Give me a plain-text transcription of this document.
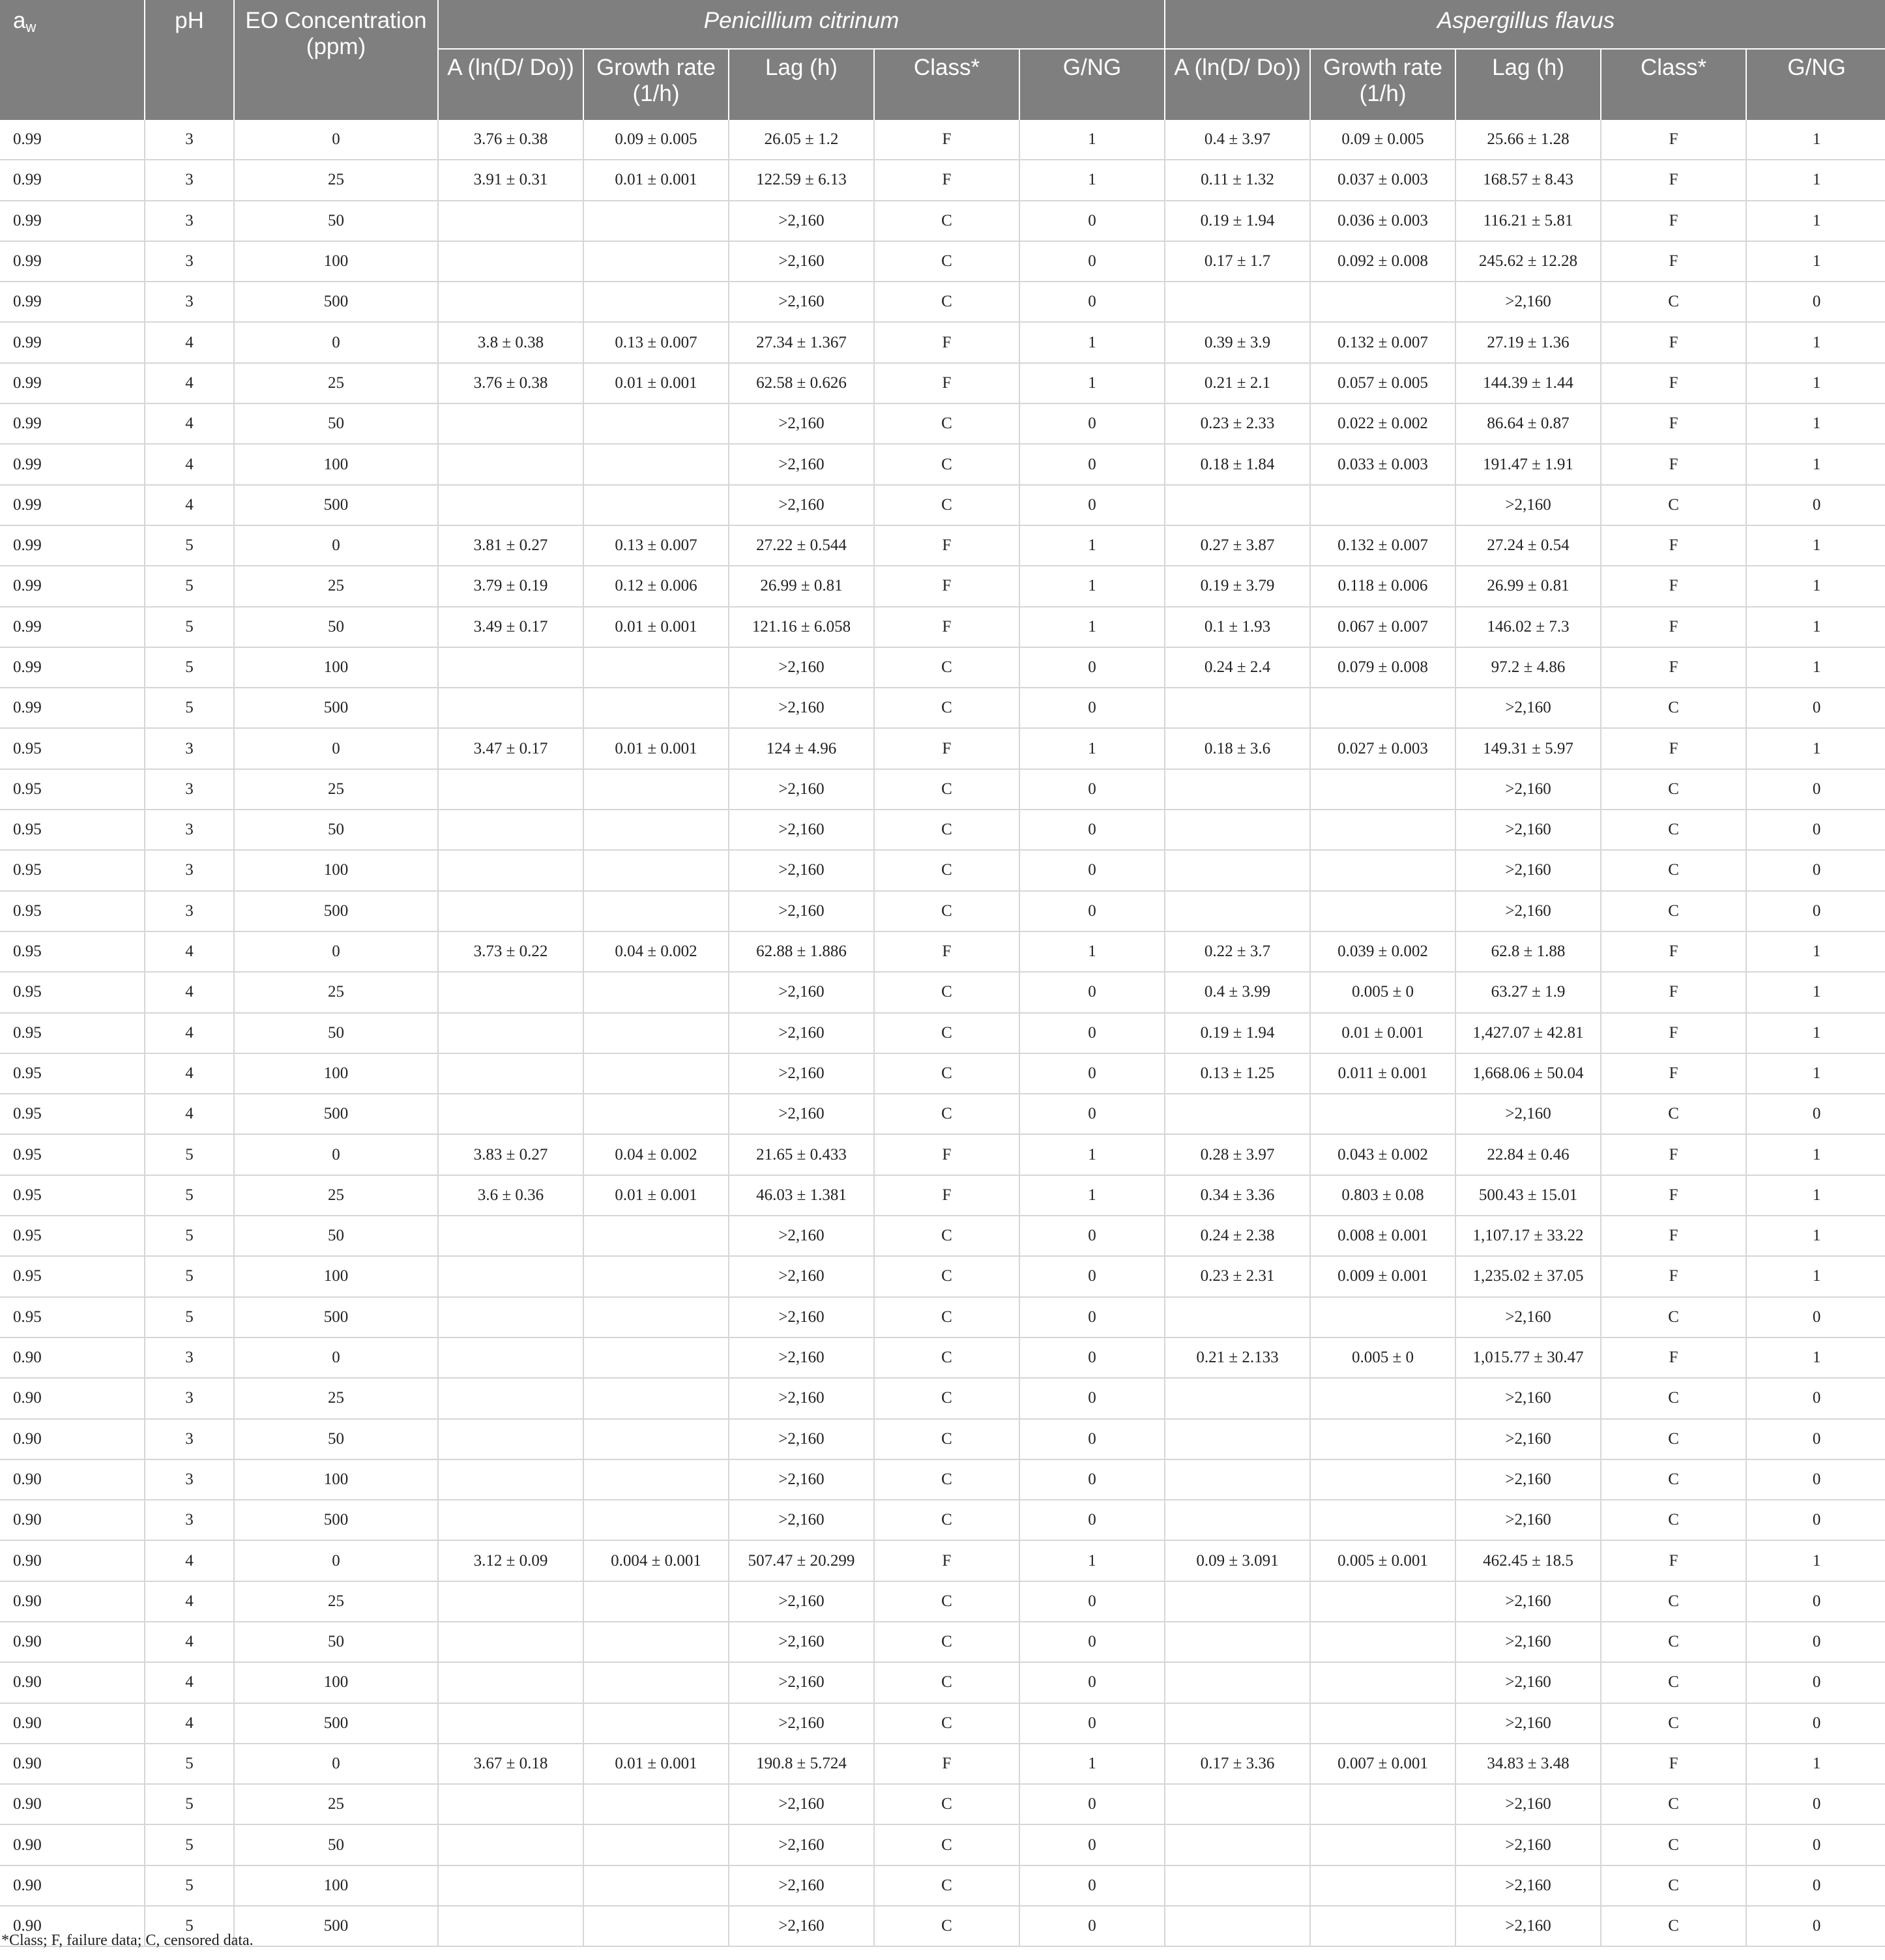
$a_w$	pH	EO Concentration (ppm)	Penicillium citrinum					Aspergillus flavus				
			A (ln(D/ Do))	Growth rate (1/h)	Lag (h)	Class*	G/NG	A (ln(D/ Do))	Growth rate (1/h)	Lag (h)	Class*	G/NG
0.99	3	0	3.76 ± 0.38	0.09 ± 0.005	26.05 ± 1.2	F	1	0.4 ± 3.97	0.09 ± 0.005	25.66 ± 1.28	F	1
0.99	3	25	3.91 ± 0.31	0.01 ± 0.001	122.59 ± 6.13	F	1	0.11 ± 1.32	0.037 ± 0.003	168.57 ± 8.43	F	1
0.99	3	50			>2,160	C	0	0.19 ± 1.94	0.036 ± 0.003	116.21 ± 5.81	F	1
0.99	3	100			>2,160	C	0	0.17 ± 1.7	0.092 ± 0.008	245.62 ± 12.28	F	1
0.99	3	500			>2,160	C	0			>2,160	C	0
0.99	4	0	3.8 ± 0.38	0.13 ± 0.007	27.34 ± 1.367	F	1	0.39 ± 3.9	0.132 ± 0.007	27.19 ± 1.36	F	1
0.99	4	25	3.76 ± 0.38	0.01 ± 0.001	62.58 ± 0.626	F	1	0.21 ± 2.1	0.057 ± 0.005	144.39 ± 1.44	F	1
0.99	4	50			>2,160	C	0	0.23 ± 2.33	0.022 ± 0.002	86.64 ± 0.87	F	1
0.99	4	100			>2,160	C	0	0.18 ± 1.84	0.033 ± 0.003	191.47 ± 1.91	F	1
0.99	4	500			>2,160	C	0			>2,160	C	0
0.99	5	0	3.81 ± 0.27	0.13 ± 0.007	27.22 ± 0.544	F	1	0.27 ± 3.87	0.132 ± 0.007	27.24 ± 0.54	F	1
0.99	5	25	3.79 ± 0.19	0.12 ± 0.006	26.99 ± 0.81	F	1	0.19 ± 3.79	0.118 ± 0.006	26.99 ± 0.81	F	1
0.99	5	50	3.49 ± 0.17	0.01 ± 0.001	121.16 ± 6.058	F	1	0.1 ± 1.93	0.067 ± 0.007	146.02 ± 7.3	F	1
0.99	5	100			>2,160	C	0	0.24 ± 2.4	0.079 ± 0.008	97.2 ± 4.86	F	1
0.99	5	500			>2,160	C	0			>2,160	C	0
0.95	3	0	3.47 ± 0.17	0.01 ± 0.001	124 ± 4.96	F	1	0.18 ± 3.6	0.027 ± 0.003	149.31 ± 5.97	F	1
0.95	3	25			>2,160	C	0			>2,160	C	0
0.95	3	50			>2,160	C	0			>2,160	C	0
0.95	3	100			>2,160	C	0			>2,160	C	0
0.95	3	500			>2,160	C	0			>2,160	C	0
0.95	4	0	3.73 ± 0.22	0.04 ± 0.002	62.88 ± 1.886	F	1	0.22 ± 3.7	0.039 ± 0.002	62.8 ± 1.88	F	1
0.95	4	25			>2,160	C	0	0.4 ± 3.99	0.005 ± 0	63.27 ± 1.9	F	1
0.95	4	50			>2,160	C	0	0.19 ± 1.94	0.01 ± 0.001	1,427.07 ± 42.81	F	1
0.95	4	100			>2,160	C	0	0.13 ± 1.25	0.011 ± 0.001	1,668.06 ± 50.04	F	1
0.95	4	500			>2,160	C	0			>2,160	C	0
0.95	5	0	3.83 ± 0.27	0.04 ± 0.002	21.65 ± 0.433	F	1	0.28 ± 3.97	0.043 ± 0.002	22.84 ± 0.46	F	1
0.95	5	25	3.6 ± 0.36	0.01 ± 0.001	46.03 ± 1.381	F	1	0.34 ± 3.36	0.803 ± 0.08	500.43 ± 15.01	F	1
0.95	5	50			>2,160	C	0	0.24 ± 2.38	0.008 ± 0.001	1,107.17 ± 33.22	F	1
0.95	5	100			>2,160	C	0	0.23 ± 2.31	0.009 ± 0.001	1,235.02 ± 37.05	F	1
0.95	5	500			>2,160	C	0			>2,160	C	0
0.90	3	0			>2,160	C	0	0.21 ± 2.133	0.005 ± 0	1,015.77 ± 30.47	F	1
0.90	3	25			>2,160	C	0			>2,160	C	0
0.90	3	50			>2,160	C	0			>2,160	C	0
0.90	3	100			>2,160	C	0			>2,160	C	0
0.90	3	500			>2,160	C	0			>2,160	C	0
0.90	4	0	3.12 ± 0.09	0.004 ± 0.001	507.47 ± 20.299	F	1	0.09 ± 3.091	0.005 ± 0.001	462.45 ± 18.5	F	1
0.90	4	25			>2,160	C	0			>2,160	C	0
0.90	4	50			>2,160	C	0			>2,160	C	0
0.90	4	100			>2,160	C	0			>2,160	C	0
0.90	4	500			>2,160	C	0			>2,160	C	0
0.90	5	0	3.67 ± 0.18	0.01 ± 0.001	190.8 ± 5.724	F	1	0.17 ± 3.36	0.007 ± 0.001	34.83 ± 3.48	F	1
0.90	5	25			>2,160	C	0			>2,160	C	0
0.90	5	50			>2,160	C	0			>2,160	C	0
0.90	5	100			>2,160	C	0			>2,160	C	0
0.90	5	500			>2,160	C	0			>2,160	C	0
*Class; F, failure data; C, censored data.
